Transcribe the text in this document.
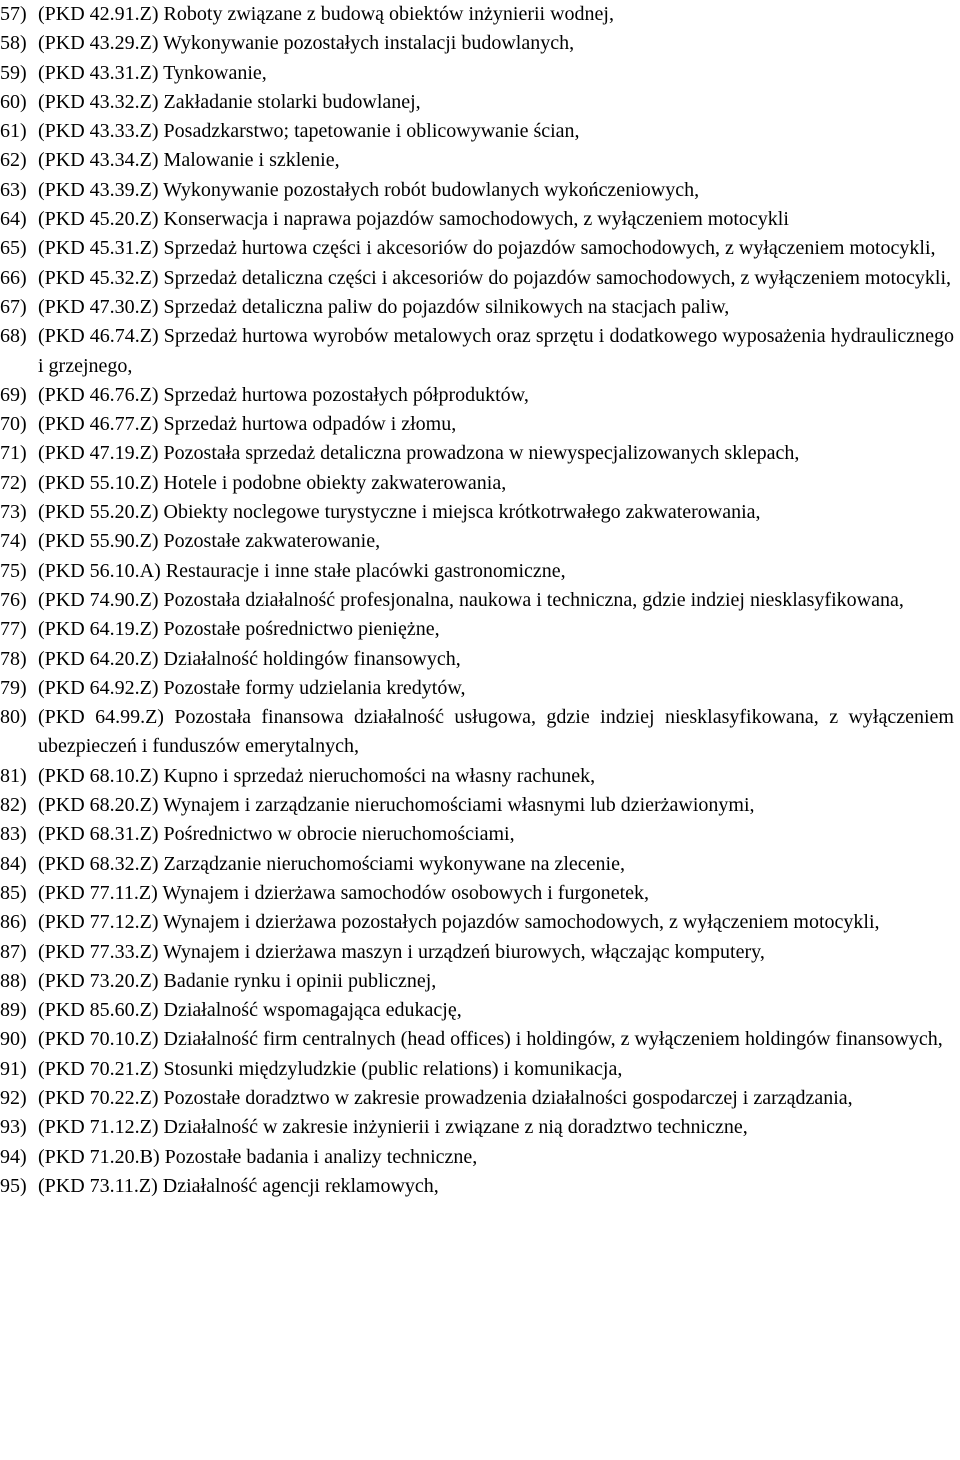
57) (PKD 42.91.Z) Roboty związane z budową obiektów inżynierii wodnej,
58) (PKD 43.29.Z) Wykonywanie pozostałych instalacji budowlanych,
59) (PKD 43.31.Z) Tynkowanie,
60) (PKD 43.32.Z) Zakładanie stolarki budowlanej,
61) (PKD 43.33.Z) Posadzkarstwo; tapetowanie i oblicowywanie ścian,
62) (PKD 43.34.Z) Malowanie i szklenie,
63) (PKD 43.39.Z) Wykonywanie pozostałych robót budowlanych wykończeniowych,
64) (PKD 45.20.Z) Konserwacja i naprawa pojazdów samochodowych, z wyłączeniem motocykli
65) (PKD 45.31.Z) Sprzedaż hurtowa części i akcesoriów do pojazdów samochodowych, z wyłączeniem motocykli,
66) (PKD 45.32.Z) Sprzedaż detaliczna części i akcesoriów do pojazdów samochodowych, z wyłączeniem motocykli,
67) (PKD 47.30.Z) Sprzedaż detaliczna paliw do pojazdów silnikowych na stacjach paliw,
68) (PKD 46.74.Z) Sprzedaż hurtowa wyrobów metalowych oraz sprzętu i dodatkowego wyposażenia hydraulicznego i grzejnego,
69) (PKD 46.76.Z) Sprzedaż hurtowa pozostałych półproduktów,
70) (PKD 46.77.Z) Sprzedaż hurtowa odpadów i złomu,
71) (PKD 47.19.Z) Pozostała sprzedaż detaliczna prowadzona w niewyspecjalizowanych sklepach,
72) (PKD 55.10.Z) Hotele i podobne obiekty zakwaterowania,
73) (PKD 55.20.Z) Obiekty noclegowe turystyczne i miejsca krótkotrwałego zakwaterowania,
74) (PKD 55.90.Z) Pozostałe zakwaterowanie,
75) (PKD 56.10.A) Restauracje i inne stałe placówki gastronomiczne,
76) (PKD 74.90.Z) Pozostała działalność profesjonalna, naukowa i techniczna, gdzie indziej niesklasyfikowana,
77) (PKD 64.19.Z) Pozostałe pośrednictwo pieniężne,
78) (PKD 64.20.Z) Działalność holdingów finansowych,
79) (PKD 64.92.Z) Pozostałe formy udzielania kredytów,
80) (PKD 64.99.Z) Pozostała finansowa działalność usługowa, gdzie indziej niesklasyfikowana, z wyłączeniem ubezpieczeń i funduszów emerytalnych,
81) (PKD 68.10.Z) Kupno i sprzedaż nieruchomości na własny rachunek,
82) (PKD 68.20.Z) Wynajem i zarządzanie nieruchomościami własnymi lub dzierżawionymi,
83) (PKD 68.31.Z) Pośrednictwo w obrocie nieruchomościami,
84) (PKD 68.32.Z) Zarządzanie nieruchomościami wykonywane na zlecenie,
85) (PKD 77.11.Z) Wynajem i dzierżawa samochodów osobowych i furgonetek,
86) (PKD 77.12.Z) Wynajem i dzierżawa pozostałych pojazdów samochodowych, z wyłączeniem motocykli,
87) (PKD 77.33.Z) Wynajem i dzierżawa maszyn i urządzeń biurowych, włączając komputery,
88) (PKD 73.20.Z) Badanie rynku i opinii publicznej,
89) (PKD 85.60.Z) Działalność wspomagająca edukację,
90) (PKD 70.10.Z) Działalność firm centralnych (head offices) i holdingów, z wyłączeniem holdingów finansowych,
91) (PKD 70.21.Z) Stosunki międzyludzkie (public relations) i komunikacja,
92) (PKD 70.22.Z) Pozostałe doradztwo w zakresie prowadzenia działalności gospodarczej i zarządzania,
93) (PKD 71.12.Z) Działalność w zakresie inżynierii i związane z nią doradztwo techniczne,
94) (PKD 71.20.B) Pozostałe badania i analizy techniczne,
95) (PKD 73.11.Z) Działalność agencji reklamowych,
